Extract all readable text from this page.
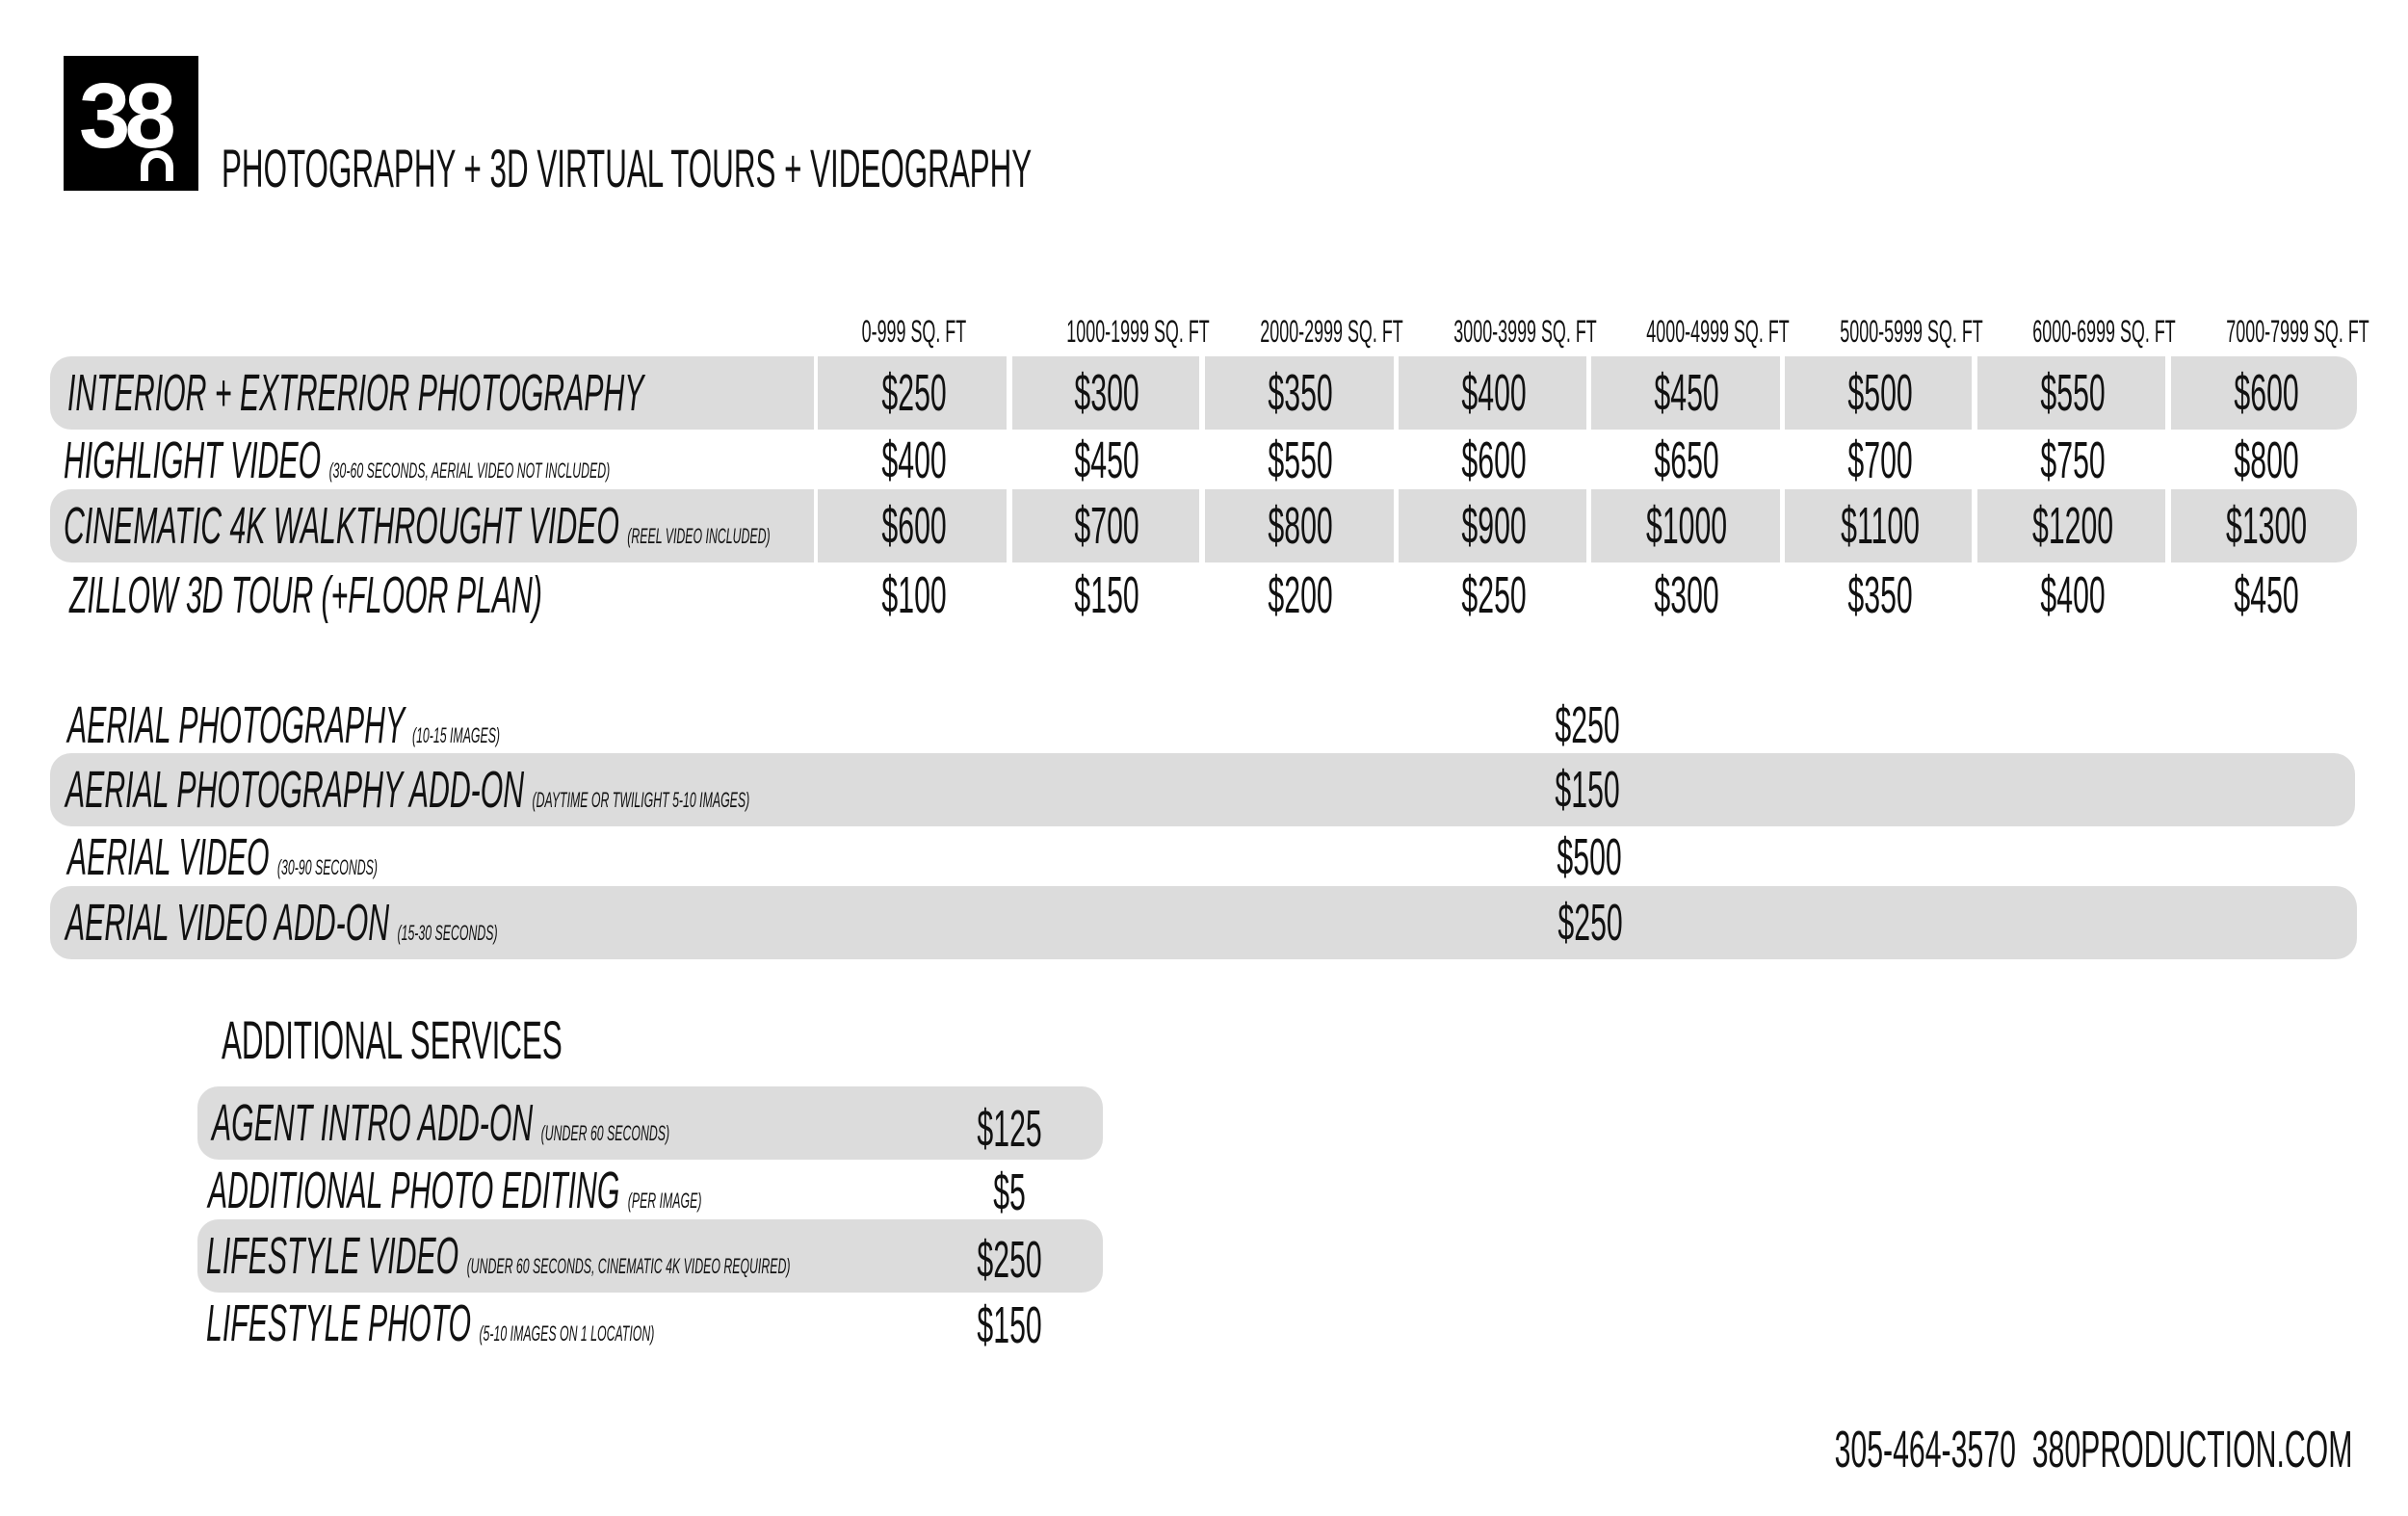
38
PHOTOGRAPHY + 3D VIRTUAL TOURS + VIDEOGRAPHY
0-999 SQ. FT	1000-1999 SQ. FT	2000-2999 SQ. FT	3000-3999 SQ. FT	4000-4999 SQ. FT	5000-5999 SQ. FT	6000-6999 SQ. FT	7000-7999 SQ. FT
INTERIOR + EXTRERIOR PHOTOGRAPHY	$250	$300	$350	$400	$450	$500	$550	$600
HIGHLIGHT VIDEO (30-60 SECONDS, AERIAL VIDEO NOT INCLUDED)	$400	$450	$550	$600	$650	$700	$750	$800
CINEMATIC 4K WALKTHROUGHT VIDEO (REEL VIDEO INCLUDED)	$600	$700	$800	$900	$1000	$1100	$1200	$1300
ZILLOW 3D TOUR (+FLOOR PLAN)	$100	$150	$200	$250	$300	$350	$400	$450
AERIAL PHOTOGRAPHY (10-15 IMAGES)	$250
AERIAL PHOTOGRAPHY ADD-ON (DAYTIME OR TWILIGHT 5-10 IMAGES)	$150
AERIAL VIDEO (30-90 SECONDS)	$500
AERIAL VIDEO ADD-ON (15-30 SECONDS)	$250
ADDITIONAL SERVICES
AGENT INTRO ADD-ON (UNDER 60 SECONDS)	$125
ADDITIONAL PHOTO EDITING (PER IMAGE)	$5
LIFESTYLE VIDEO (UNDER 60 SECONDS, CINEMATIC 4K VIDEO REQUIRED)	$250
LIFESTYLE PHOTO (5-10 IMAGES ON 1 LOCATION)	$150
305-464-3570 380PRODUCTION.COM
